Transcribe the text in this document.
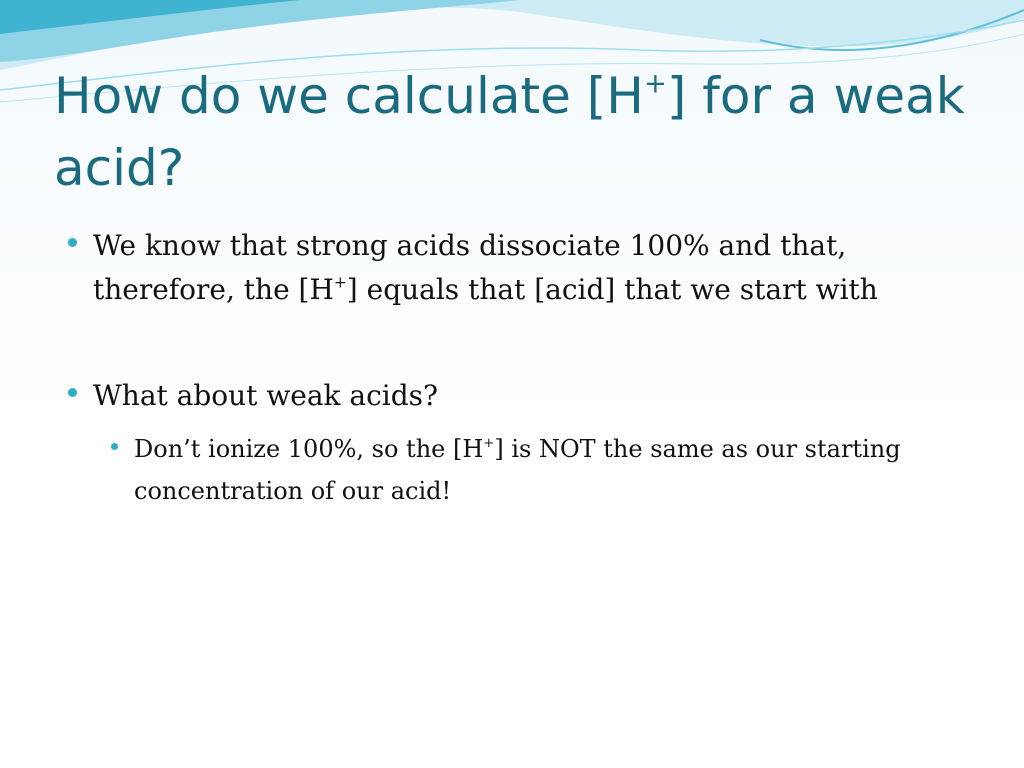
How do we calculate [H+] for a weak acid?
We know that strong acids dissociate 100% and that, therefore, the [H+] equals that [acid] that we start with
What about weak acids?
Don’t ionize 100%, so the [H+] is NOT the same as our starting concentration of our acid!
